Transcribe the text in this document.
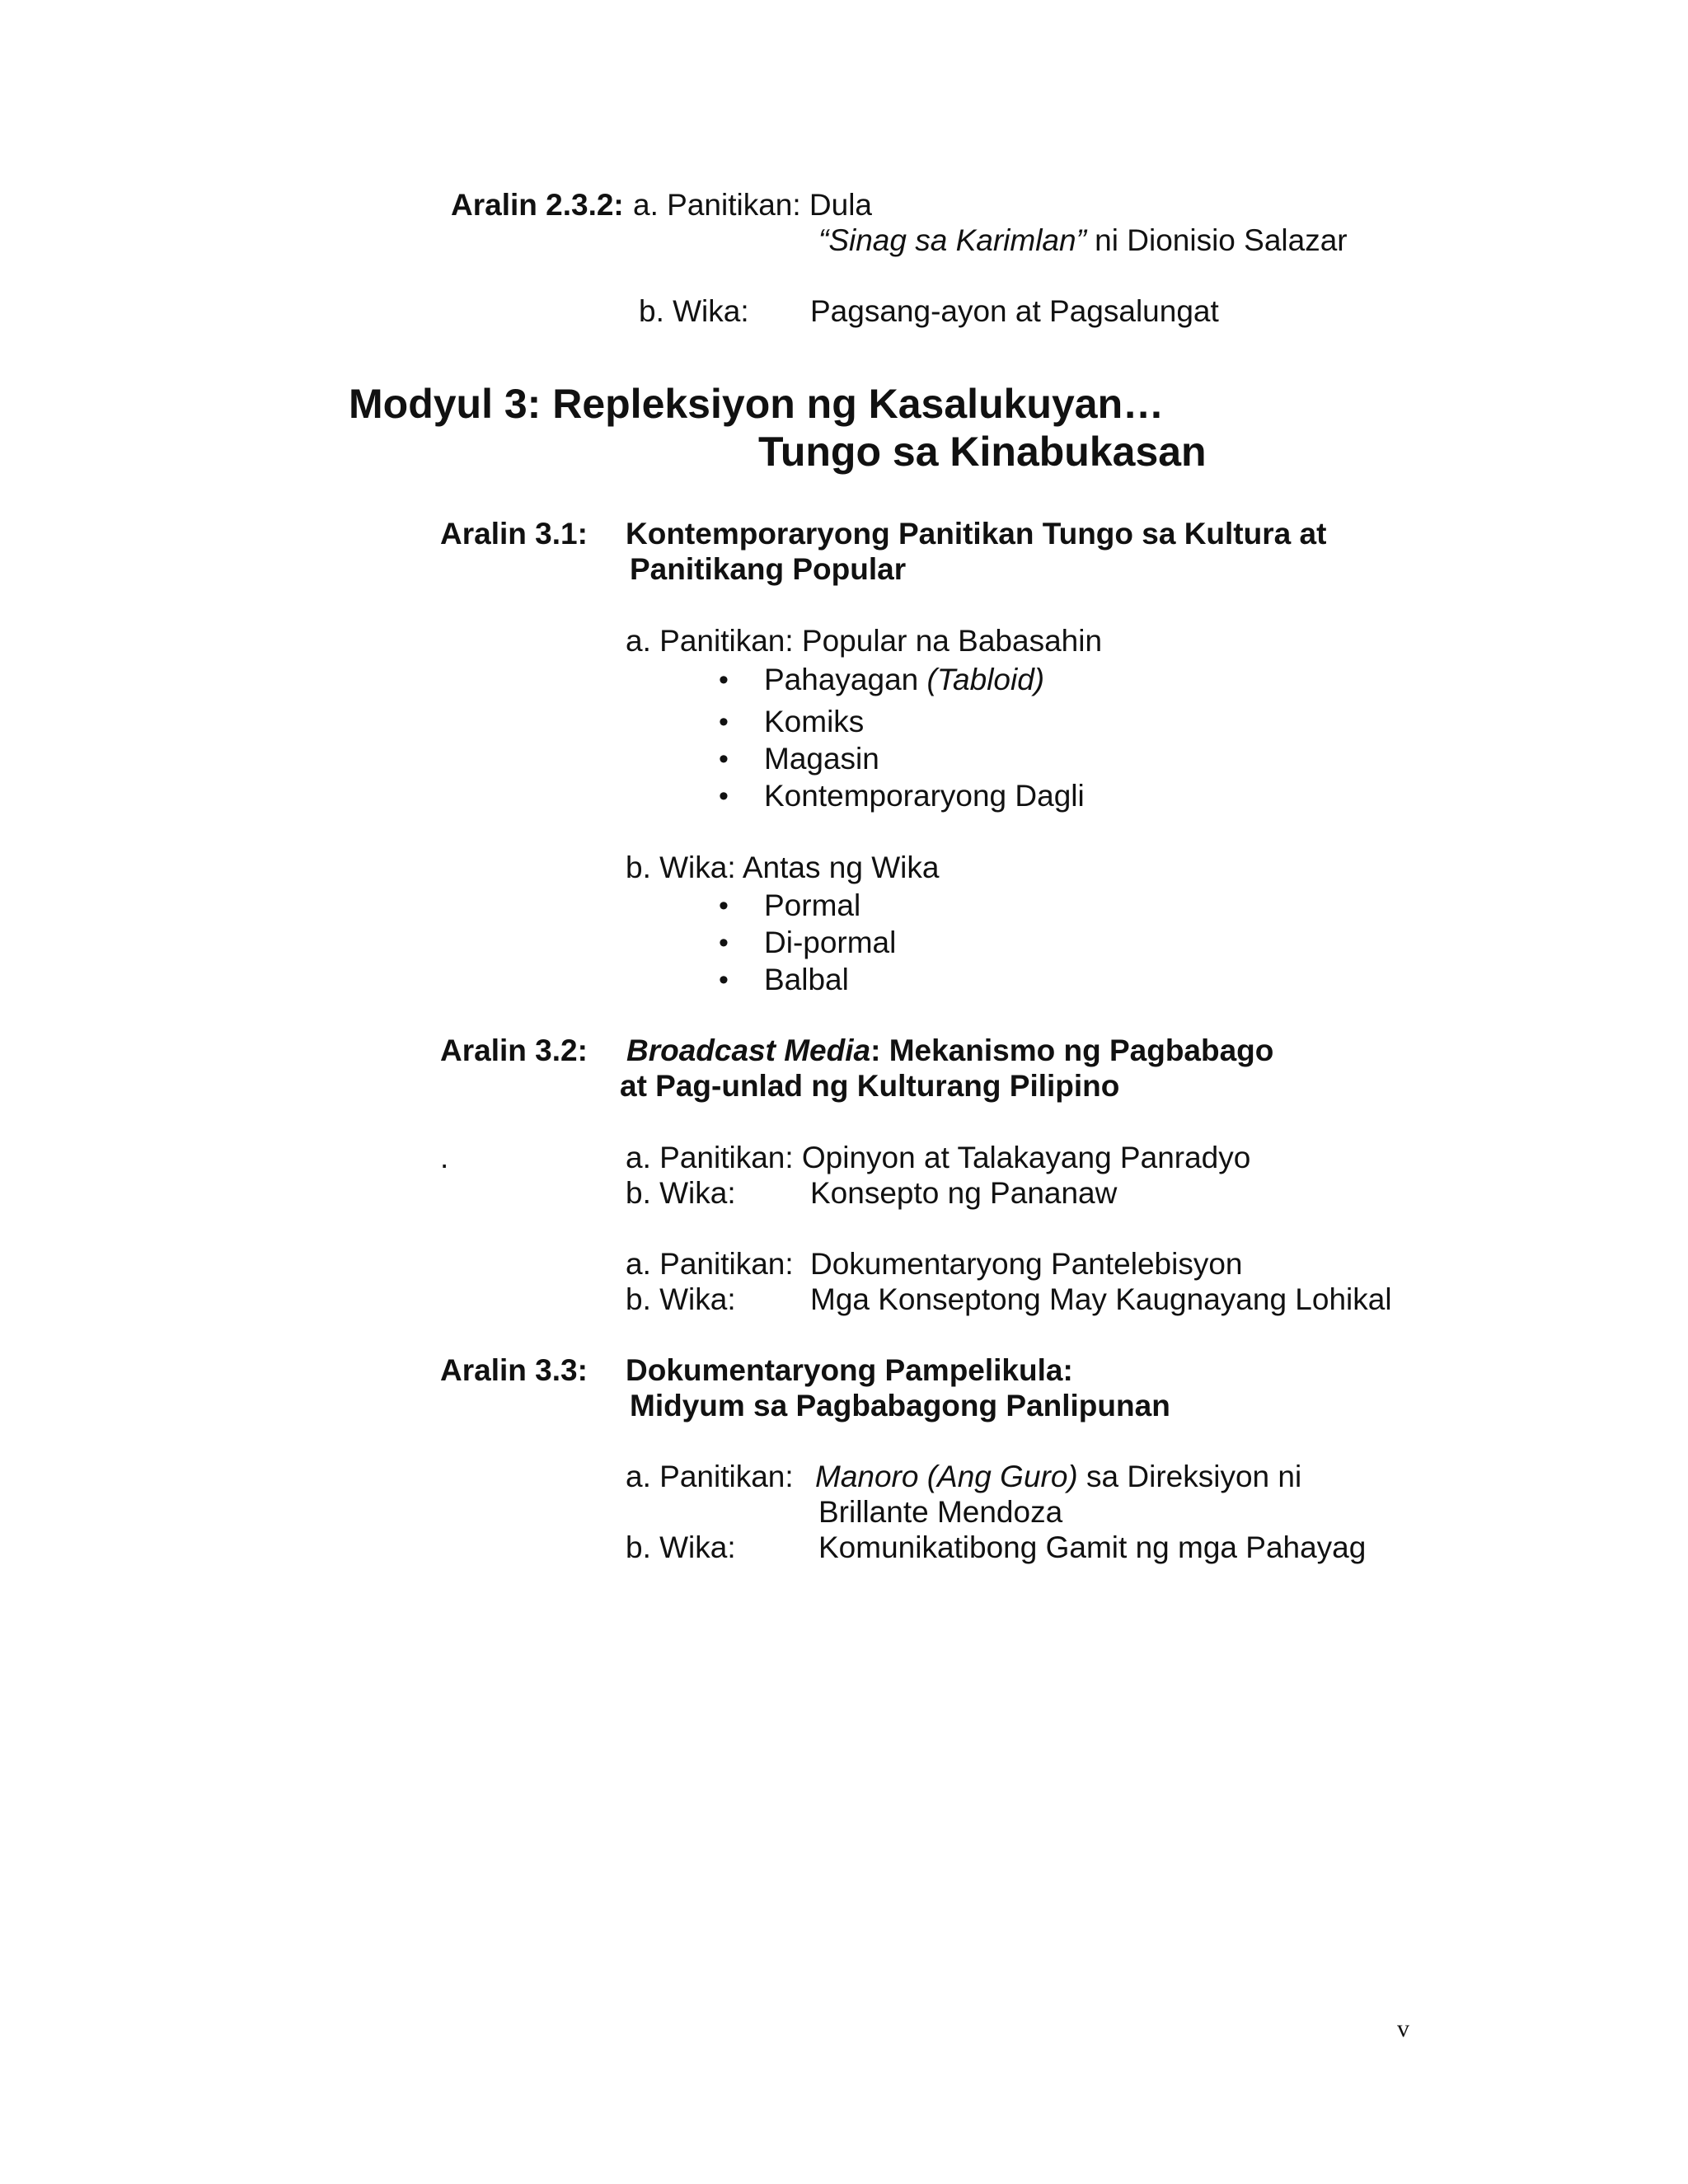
Aralin 2.3.2: a. Panitikan: Dula
“Sinag sa Karimlan” ni Dionisio Salazar
b. Wika: Pagsang-ayon at Pagsalungat
Modyul 3: Repleksiyon ng Kasalukuyan…
Tungo sa Kinabukasan
Aralin 3.1: Kontemporaryong Panitikan Tungo sa Kultura at
Panitikang Popular
a. Panitikan: Popular na Babasahin
• Pahayagan (Tabloid)
• Komiks
• Magasin
• Kontemporaryong Dagli
b. Wika: Antas ng Wika
• Pormal
• Di-pormal
• Balbal
Aralin 3.2: Broadcast Media: Mekanismo ng Pagbabago
at Pag-unlad ng Kulturang Pilipino
.	a. Panitikan: Opinyon at Talakayang Panradyo
b. Wika: Konsepto ng Pananaw
a. Panitikan: Dokumentaryong Pantelebisyon
b. Wika: Mga Konseptong May Kaugnayang Lohikal
Aralin 3.3: Dokumentaryong Pampelikula:
Midyum sa Pagbabagong Panlipunan
a. Panitikan: Manoro (Ang Guro) sa Direksiyon ni
Brillante Mendoza
b. Wika:	Komunikatibong Gamit ng mga Pahayag
v
